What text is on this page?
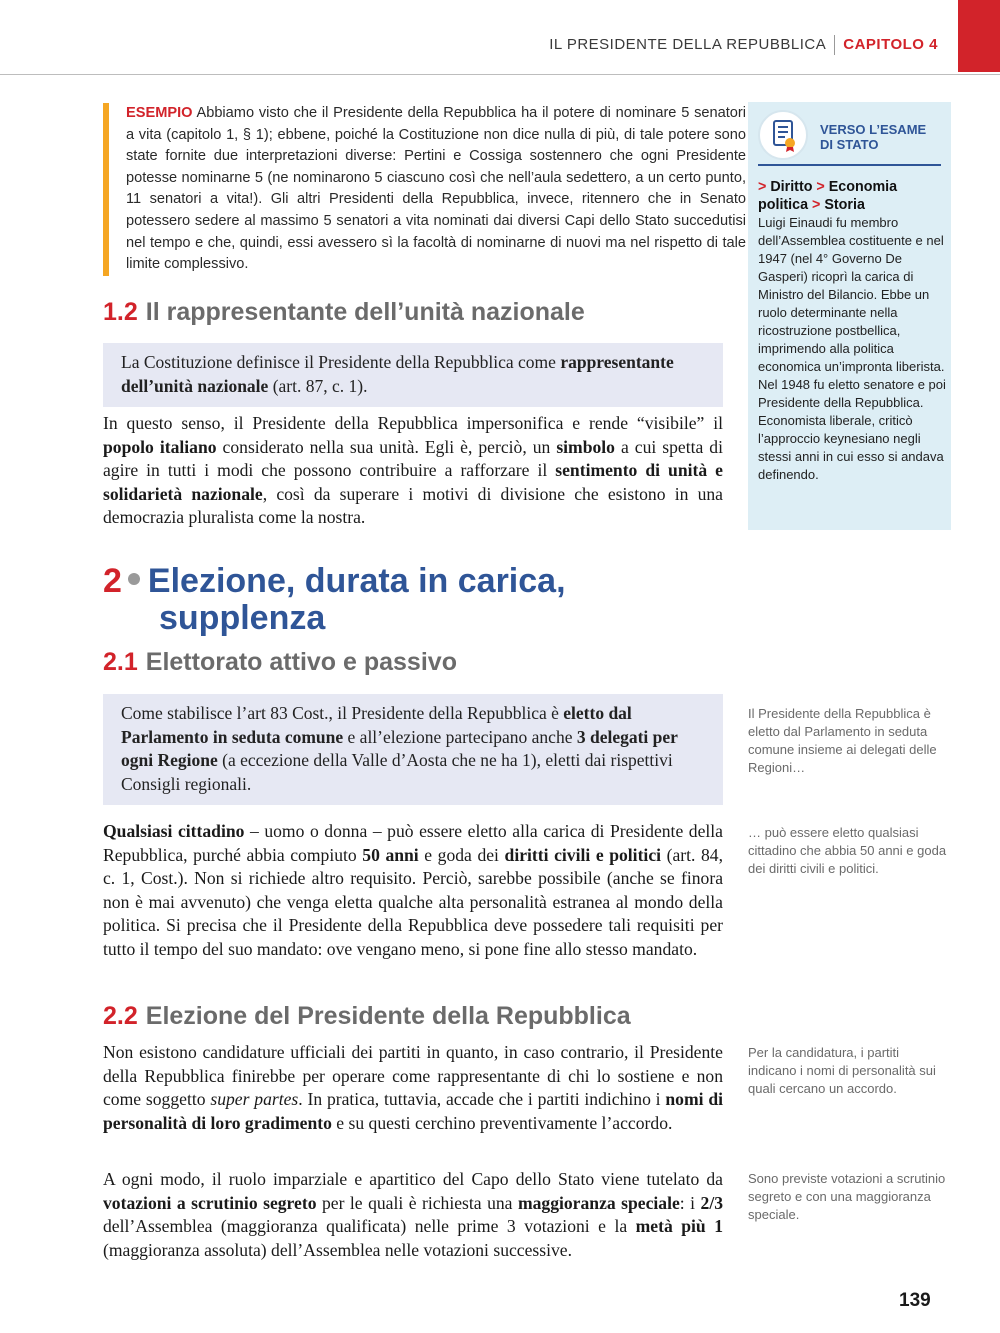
IL PRESIDENTE DELLA REPUBBLICA CAPITOLO 4
ESEMPIO Abbiamo visto che il Presidente della Repubblica ha il potere di nominare 5 senatori a vita (capitolo 1, § 1); ebbene, poiché la Costituzione non dice nulla di più, di tale potere sono state fornite due interpretazioni diverse: Pertini e Cossiga sostennero che ogni Presidente potesse nominarne 5 (ne nominarono 5 ciascuno così che nell’aula sedettero, a un certo punto, 11 senatori a vita!). Gli altri Presidenti della Repubblica, invece, ritennero che in Senato potessero sedere al massimo 5 senatori a vita nominati dai diversi Capi dello Stato succedutisi nel tempo e che, quindi, essi avessero sì la facoltà di nominarne di nuovi ma nel rispetto di tale limite complessivo.
1.2 Il rappresentante dell’unità nazionale
La Costituzione definisce il Presidente della Repubblica come rappresentante dell’unità nazionale (art. 87, c. 1).
In questo senso, il Presidente della Repubblica impersonifica e rende “visibile” il popolo italiano considerato nella sua unità. Egli è, perciò, un simbolo a cui spetta di agire in tutti i modi che possono contribuire a rafforzare il sentimento di unità e solidarietà nazionale, così da superare i motivi di divisione che esistono in una democrazia pluralista come la nostra.
2 Elezione, durata in carica,
supplenza
2.1 Elettorato attivo e passivo
Come stabilisce l’art 83 Cost., il Presidente della Repubblica è eletto dal Parlamento in seduta comune e all’elezione partecipano anche 3 delegati per ogni Regione (a eccezione della Valle d’Aosta che ne ha 1), eletti dai rispettivi Consigli regionali.
Qualsiasi cittadino – uomo o donna – può essere eletto alla carica di Presidente della Repubblica, purché abbia compiuto 50 anni e goda dei diritti civili e politici (art. 84, c. 1, Cost.). Non si richiede altro requisito. Perciò, sarebbe possibile (anche se finora non è mai avvenuto) che venga eletta qualche alta personalità estranea al mondo della politica. Si precisa che il Presidente della Repubblica deve possedere tali requisiti per tutto il tempo del suo mandato: ove vengano meno, si pone fine allo stesso mandato.
2.2 Elezione del Presidente della Repubblica
Non esistono candidature ufficiali dei partiti in quanto, in caso contrario, il Presidente della Repubblica finirebbe per operare come rappresentante di chi lo sostiene e non come soggetto super partes. In pratica, tuttavia, accade che i partiti indichino i nomi di personalità di loro gradimento e su questi cerchino preventivamente l’accordo.
A ogni modo, il ruolo imparziale e apartitico del Capo dello Stato viene tutelato da votazioni a scrutinio segreto per le quali è richiesta una maggioranza speciale: i 2/3 dell’Assemblea (maggioranza qualificata) nelle prime 3 votazioni e la metà più 1 (maggioranza assoluta) dell’Assemblea nelle votazioni successive.
VERSO L’ESAME
DI STATO
> Diritto > Economia politica > Storia
Luigi Einaudi fu membro dell’Assemblea costituente e nel 1947 (nel 4° Governo De Gasperi) ricoprì la carica di Ministro del Bilancio. Ebbe un ruolo determinante nella ricostruzione postbellica, imprimendo alla politica economica un’impronta liberista. Nel 1948 fu eletto senatore e poi Presidente della Repubblica. Economista liberale, criticò l’approccio keynesiano negli stessi anni in cui esso si andava definendo.
Il Presidente della Repubblica è eletto dal Parlamento in seduta comune insieme ai delegati delle Regioni…
… può essere eletto qualsiasi cittadino che abbia 50 anni e goda dei diritti civili e politici.
Per la candidatura, i partiti indicano i nomi di personalità sui quali cercano un accordo.
Sono previste votazioni a scrutinio segreto e con una maggioranza speciale.
139
